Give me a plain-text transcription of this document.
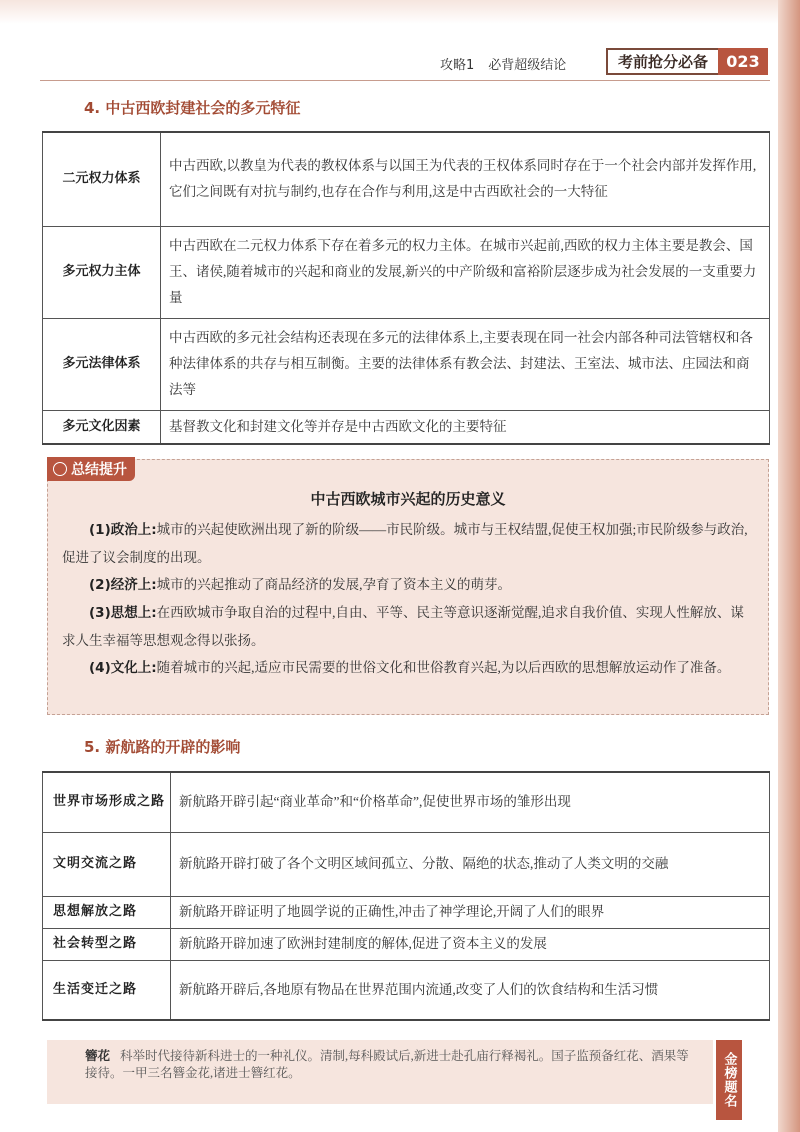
攻略1 必背超级结论	考前抢分必备	023
4. 中古西欧封建社会的多元特征
二元权力体系	中古西欧,以教皇为代表的教权体系与以国王为代表的王权体系同时存在于一个社会内部并发挥作用,它们之间既有对抗与制约,也存在合作与利用,这是中古西欧社会的一大特征
多元权力主体	中古西欧在二元权力体系下存在着多元的权力主体。在城市兴起前,西欧的权力主体主要是教会、国王、诸侯,随着城市的兴起和商业的发展,新兴的中产阶级和富裕阶层逐步成为社会发展的一支重要力量
多元法律体系	中古西欧的多元社会结构还表现在多元的法律体系上,主要表现在同一社会内部各种司法管辖权和各种法律体系的共存与相互制衡。主要的法律体系有教会法、封建法、王室法、城市法、庄园法和商法等
多元文化因素	基督教文化和封建文化等并存是中古西欧文化的主要特征
总结提升
中古西欧城市兴起的历史意义

(1)政治上:城市的兴起使欧洲出现了新的阶级——市民阶级。城市与王权结盟,促使王权加强;市民阶级参与政治,促进了议会制度的出现。

(2)经济上:城市的兴起推动了商品经济的发展,孕育了资本主义的萌芽。

(3)思想上:在西欧城市争取自治的过程中,自由、平等、民主等意识逐渐觉醒,追求自我价值、实现人性解放、谋求人生幸福等思想观念得以张扬。

(4)文化上:随着城市的兴起,适应市民需要的世俗文化和世俗教育兴起,为以后西欧的思想解放运动作了准备。

5. 新航路的开辟的影响
世界市场形成之路	新航路开辟引起“商业革命”和“价格革命”,促使世界市场的雏形出现
文明交流之路	新航路开辟打破了各个文明区域间孤立、分散、隔绝的状态,推动了人类文明的交融
思想解放之路	新航路开辟证明了地圆学说的正确性,冲击了神学理论,开阔了人们的眼界
社会转型之路	新航路开辟加速了欧洲封建制度的解体,促进了资本主义的发展
生活变迁之路	新航路开辟后,各地原有物品在世界范围内流通,改变了人们的饮食结构和生活习惯
簪花 科举时代接待新科进士的一种礼仪。清制,每科殿试后,新进士赴孔庙行释褐礼。国子监预备红花、酒果等接待。一甲三名簪金花,诸进士簪红花。	金榜题名
